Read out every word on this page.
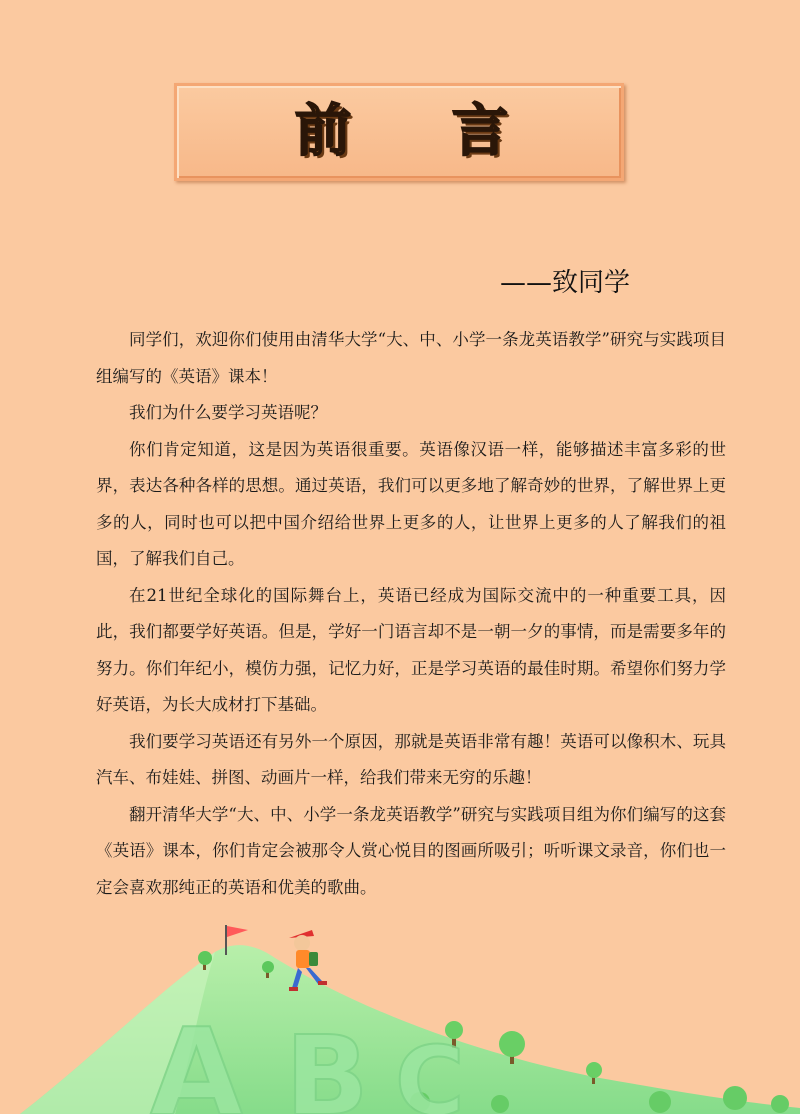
前 言
——致同学

同学们，欢迎你们使用由清华大学“大、中、小学一条龙英语教学”研究与实践项目组编写的《英语》课本！

我们为什么要学习英语呢？

你们肯定知道，这是因为英语很重要。英语像汉语一样，能够描述丰富多彩的世界，表达各种各样的思想。通过英语，我们可以更多地了解奇妙的世界，了解世界上更多的人，同时也可以把中国介绍给世界上更多的人，让世界上更多的人了解我们的祖国，了解我们自己。

在21世纪全球化的国际舞台上，英语已经成为国际交流中的一种重要工具，因此，我们都要学好英语。但是，学好一门语言却不是一朝一夕的事情，而是需要多年的努力。你们年纪小，模仿力强，记忆力好，正是学习英语的最佳时期。希望你们努力学好英语，为长大成材打下基础。

我们要学习英语还有另外一个原因，那就是英语非常有趣！英语可以像积木、玩具汽车、布娃娃、拼图、动画片一样，给我们带来无穷的乐趣！

翻开清华大学“大、中、小学一条龙英语教学”研究与实践项目组为你们编写的这套《英语》课本，你们肯定会被那令人赏心悦目的图画所吸引；听听课文录音，你们也一定会喜欢那纯正的英语和优美的歌曲。

A B C
